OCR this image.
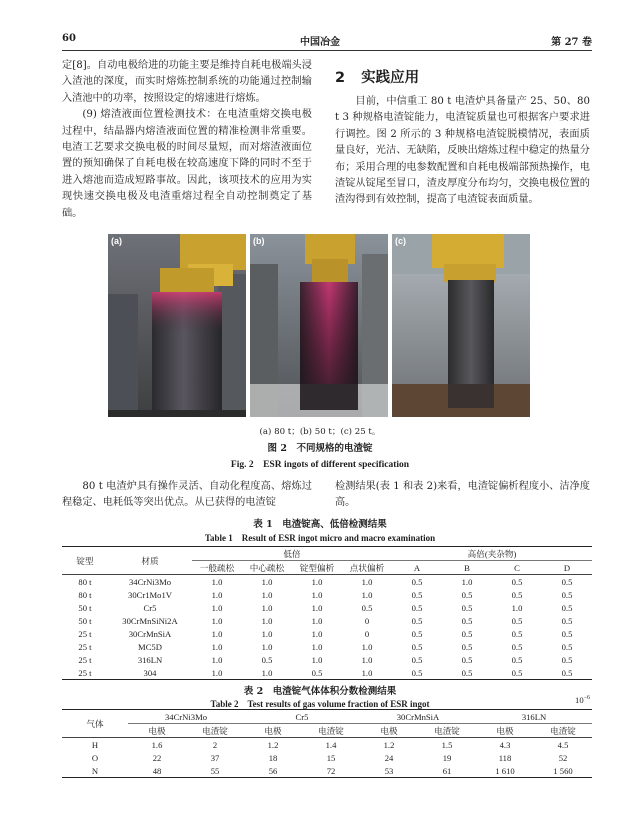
60	中国冶金	第 27 卷

定[8]。自动电极给进的功能主要是维持自耗电极端头浸入渣池的深度，而实时熔炼控制系统的功能通过控制输入渣池中的功率，按照设定的熔速进行熔炼。

(9) 熔渣液面位置检测技术：在电渣重熔交换电极过程中，结晶器内熔渣液面位置的精准检测非常重要。电渣工艺要求交换电极的时间尽量短，而对熔渣液面位置的预知确保了自耗电极在较高速度下降的同时不至于进入熔池而造成短路事故。因此，该项技术的应用为实现快速交换电极及电渣重熔过程全自动控制奠定了基础。

2 实践应用

目前，中信重工 80 t 电渣炉具备量产 25、50、80 t 3 种规格电渣锭能力，电渣锭质量也可根据客户要求进行调控。图 2 所示的 3 种规格电渣锭脱模情况，表面质量良好，光洁、无缺陷，反映出熔炼过程中稳定的热量分布；采用合理的电参数配置和自耗电极端部预热操作，电渣锭从锭尾至冒口，渣皮厚度分布均匀，交换电极位置的渣沟得到有效控制，提高了电渣锭表面质量。

(a)	(b)	(c)
(a) 80 t；(b) 50 t；(c) 25 t。
图 2　不同规格的电渣锭
Fig. 2　ESR ingots of different specification

80 t 电渣炉具有操作灵活、自动化程度高、熔炼过程稳定、电耗低等突出优点。从已获得的电渣锭

检测结果(表 1 和表 2)来看，电渣锭偏析程度小、洁净度高。

表 1　电渣锭高、低倍检测结果
Table 1　Result of ESR ingot micro and macro examination
锭型	材质	低倍				高倍(夹杂物)			
		一般疏松	中心疏松	锭型偏析	点状偏析	A	B	C	D
80 t	34CrNi3Mo	1.0	1.0	1.0	1.0	0.5	1.0	0.5	0.5
80 t	30Cr1Mo1V	1.0	1.0	1.0	1.0	0.5	0.5	0.5	0.5
50 t	Cr5	1.0	1.0	1.0	0.5	0.5	0.5	1.0	0.5
50 t	30CrMnSiNi2A	1.0	1.0	1.0	0	0.5	0.5	0.5	0.5
25 t	30CrMnSiA	1.0	1.0	1.0	0	0.5	0.5	0.5	0.5
25 t	MC5D	1.0	1.0	1.0	1.0	0.5	0.5	0.5	0.5
25 t	316LN	1.0	0.5	1.0	1.0	0.5	0.5	0.5	0.5
25 t	304	1.0	1.0	0.5	1.0	0.5	0.5	0.5	0.5
表 2　电渣锭气体体积分数检测结果
Table 2　Test results of gas volume fraction of ESR ingot	$10^{-6}$
气体	34CrNi3Mo		Cr5		30CrMnSiA		316LN	
	电极	电渣锭	电极	电渣锭	电极	电渣锭	电极	电渣锭
H	1.6	2	1.2	1.4	1.2	1.5	4.3	4.5
O	22	37	18	15	24	19	118	52
N	48	55	56	72	53	61	1 610	1 560
